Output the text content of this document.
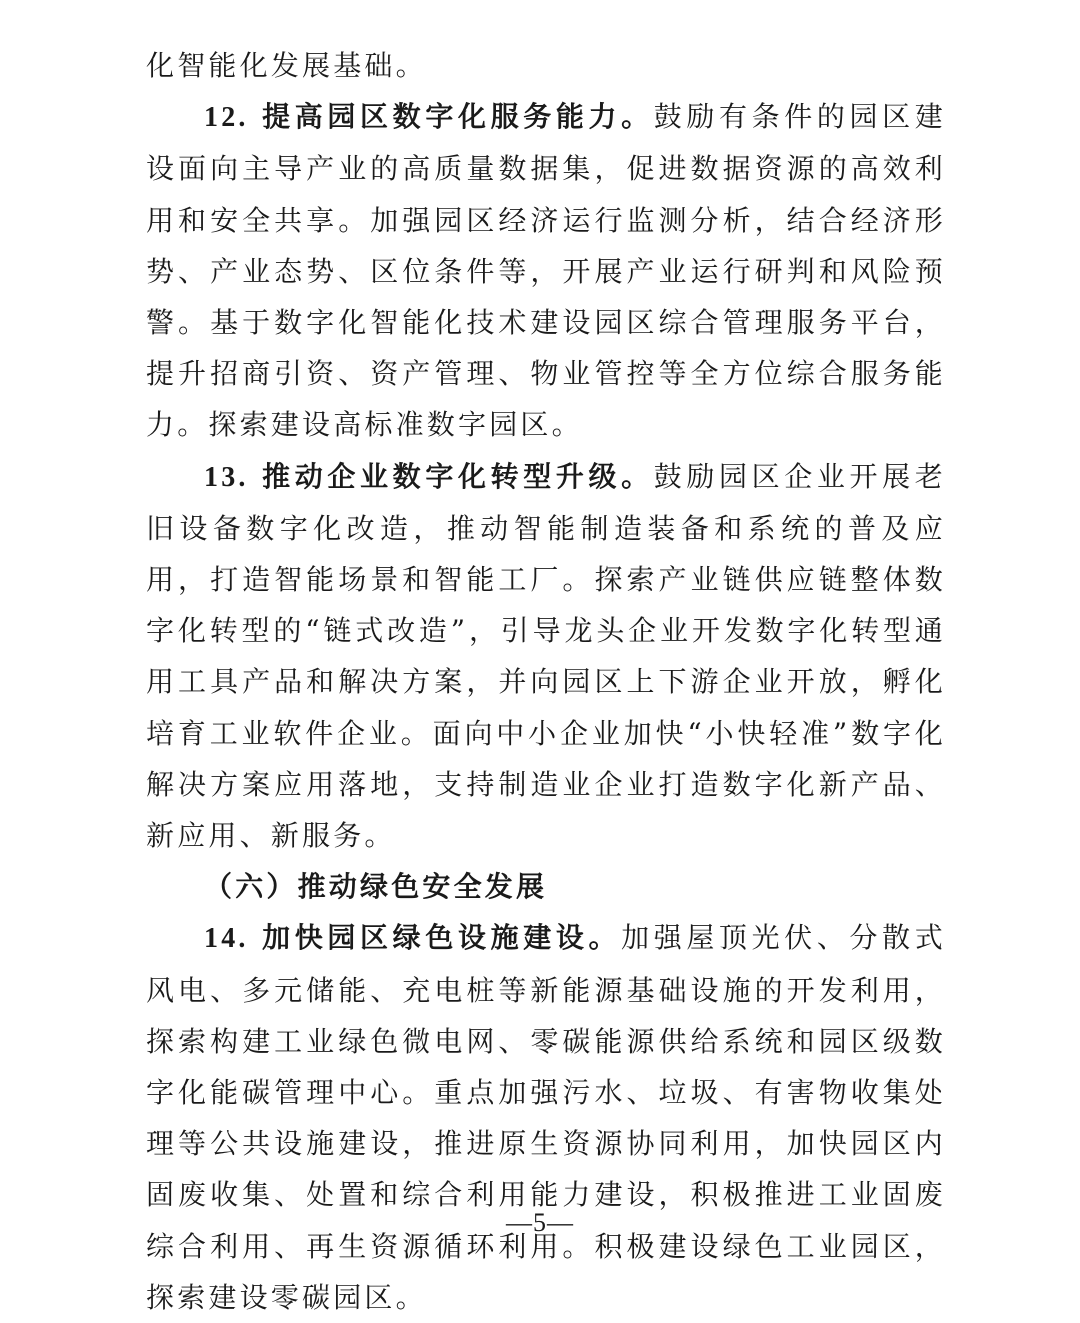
化智能化发展基础。

12. 提高园区数字化服务能力。鼓励有条件的园区建设面向主导产业的高质量数据集，促进数据资源的高效利用和安全共享。加强园区经济运行监测分析，结合经济形势、产业态势、区位条件等，开展产业运行研判和风险预警。基于数字化智能化技术建设园区综合管理服务平台，提升招商引资、资产管理、物业管控等全方位综合服务能力。探索建设高标准数字园区。

13. 推动企业数字化转型升级。鼓励园区企业开展老旧设备数字化改造，推动智能制造装备和系统的普及应用，打造智能场景和智能工厂。探索产业链供应链整体数字化转型的“链式改造”，引导龙头企业开发数字化转型通用工具产品和解决方案，并向园区上下游企业开放，孵化培育工业软件企业。面向中小企业加快“小快轻准”数字化解决方案应用落地，支持制造业企业打造数字化新产品、新应用、新服务。

（六）推动绿色安全发展

14. 加快园区绿色设施建设。加强屋顶光伏、分散式风电、多元储能、充电桩等新能源基础设施的开发利用，探索构建工业绿色微电网、零碳能源供给系统和园区级数字化能碳管理中心。重点加强污水、垃圾、有害物收集处理等公共设施建设，推进原生资源协同利用，加快园区内固废收集、处置和综合利用能力建设，积极推进工业固废综合利用、再生资源循环利用。积极建设绿色工业园区，探索建设零碳园区。

—5—
